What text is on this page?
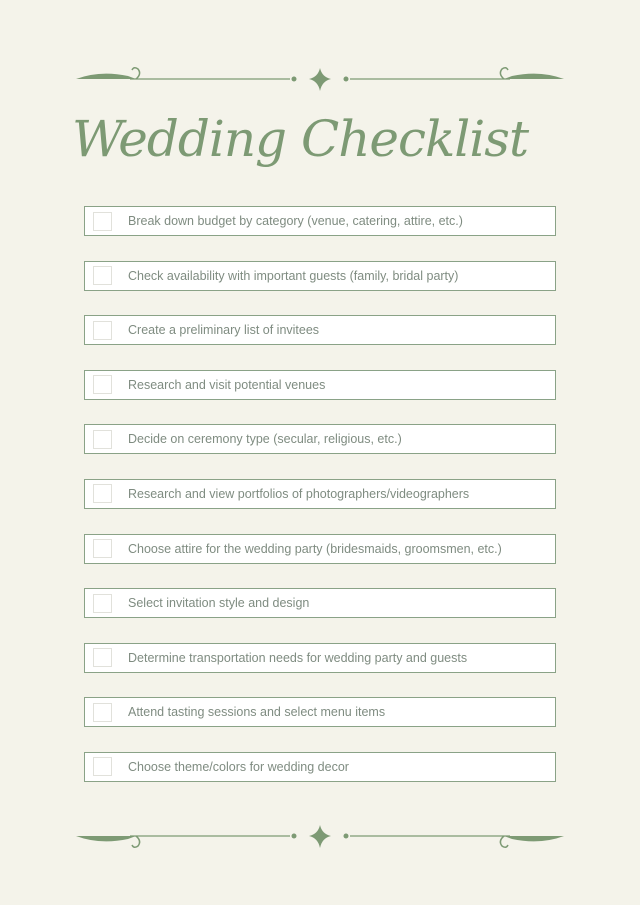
Wedding Checklist
Break down budget by category (venue, catering, attire, etc.)
Check availability with important guests (family, bridal party)
Create a preliminary list of invitees
Research and visit potential venues
Decide on ceremony type (secular, religious, etc.)
Research and view portfolios of photographers/videographers
Choose attire for the wedding party (bridesmaids, groomsmen, etc.)
Select invitation style and design
Determine transportation needs for wedding party and guests
Attend tasting sessions and select menu items
Choose theme/colors for wedding decor
